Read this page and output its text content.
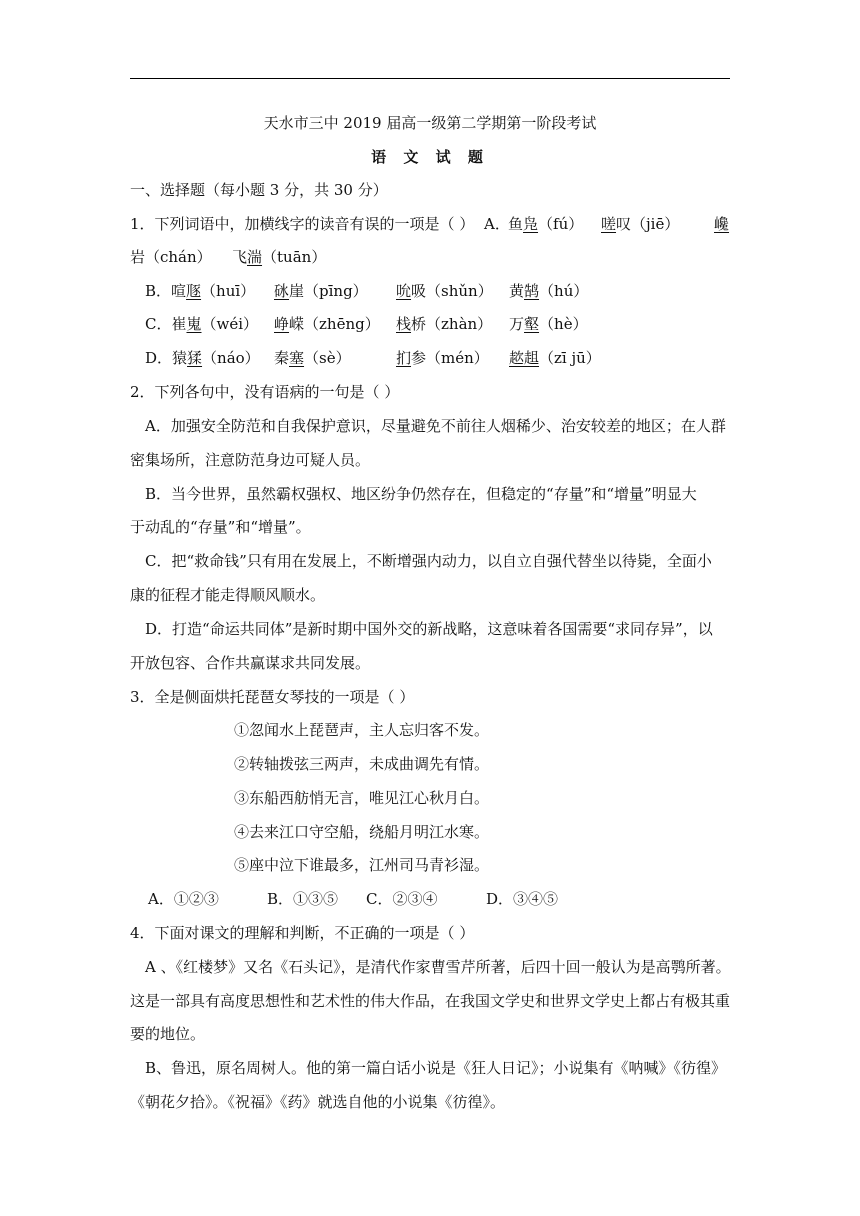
天水市三中 2019 届高一级第二学期第一阶段考试
语 文 试 题
一、选择题（每小题 3 分，共 30 分）
1．下列词语中，加横线字的读音有误的一项是（ ） A．
鱼凫（fú） 嗟叹（jiē） 巉
岩（chán） 飞湍（tuān）
B．喧豗（huī） 砯崖（pīng） 吮吸（shǔn） 黄鹄（hú）
C．崔嵬（wéi） 峥嵘（zhēng） 栈桥（zhàn） 万壑（hè）
D．猿猱（náo） 秦塞（sè）	扪参（mén） 趑趄（zī jū）
2．下列各句中，没有语病的一句是（ ）
A．加强安全防范和自我保护意识，尽量避免不前往人烟稀少、治安较差的地区；在人群
密集场所，注意防范身边可疑人员。
B．当今世界，虽然霸权强权、地区纷争仍然存在，但稳定的“存量”和“增量”明显大
于动乱的“存量”和“增量”。
C．把“救命钱”只有用在发展上，不断增强内动力，以自立自强代替坐以待毙，全面小
康的征程才能走得顺风顺水。
D．打造“命运共同体”是新时期中国外交的新战略，这意味着各国需要“求同存异”，以
开放包容、合作共赢谋求共同发展。
3．全是侧面烘托琵琶女琴技的一项是（ ）
①忽闻水上琵琶声，主人忘归客不发。
②转轴拨弦三两声，未成曲调先有情。
③东船西舫悄无言，唯见江心秋月白。
④去来江口守空船，绕船月明江水寒。
⑤座中泣下谁最多，江州司马青衫湿。
A．①②③	B．①③⑤ C．②③④	D．③④⑤
4．下面对课文的理解和判断，不正确的一项是（ ）
A 、《红楼梦》又名《石头记》，是清代作家曹雪芹所著，后四十回一般认为是高鹗所著。
这是一部具有高度思想性和艺术性的伟大作品，在我国文学史和世界文学史上都占有极其重
要的地位。
B、鲁迅，原名周树人。他的第一篇白话小说是《狂人日记》；小说集有《呐喊》《彷徨》
《朝花夕拾》。《祝福》《药》就选自他的小说集《彷徨》。
